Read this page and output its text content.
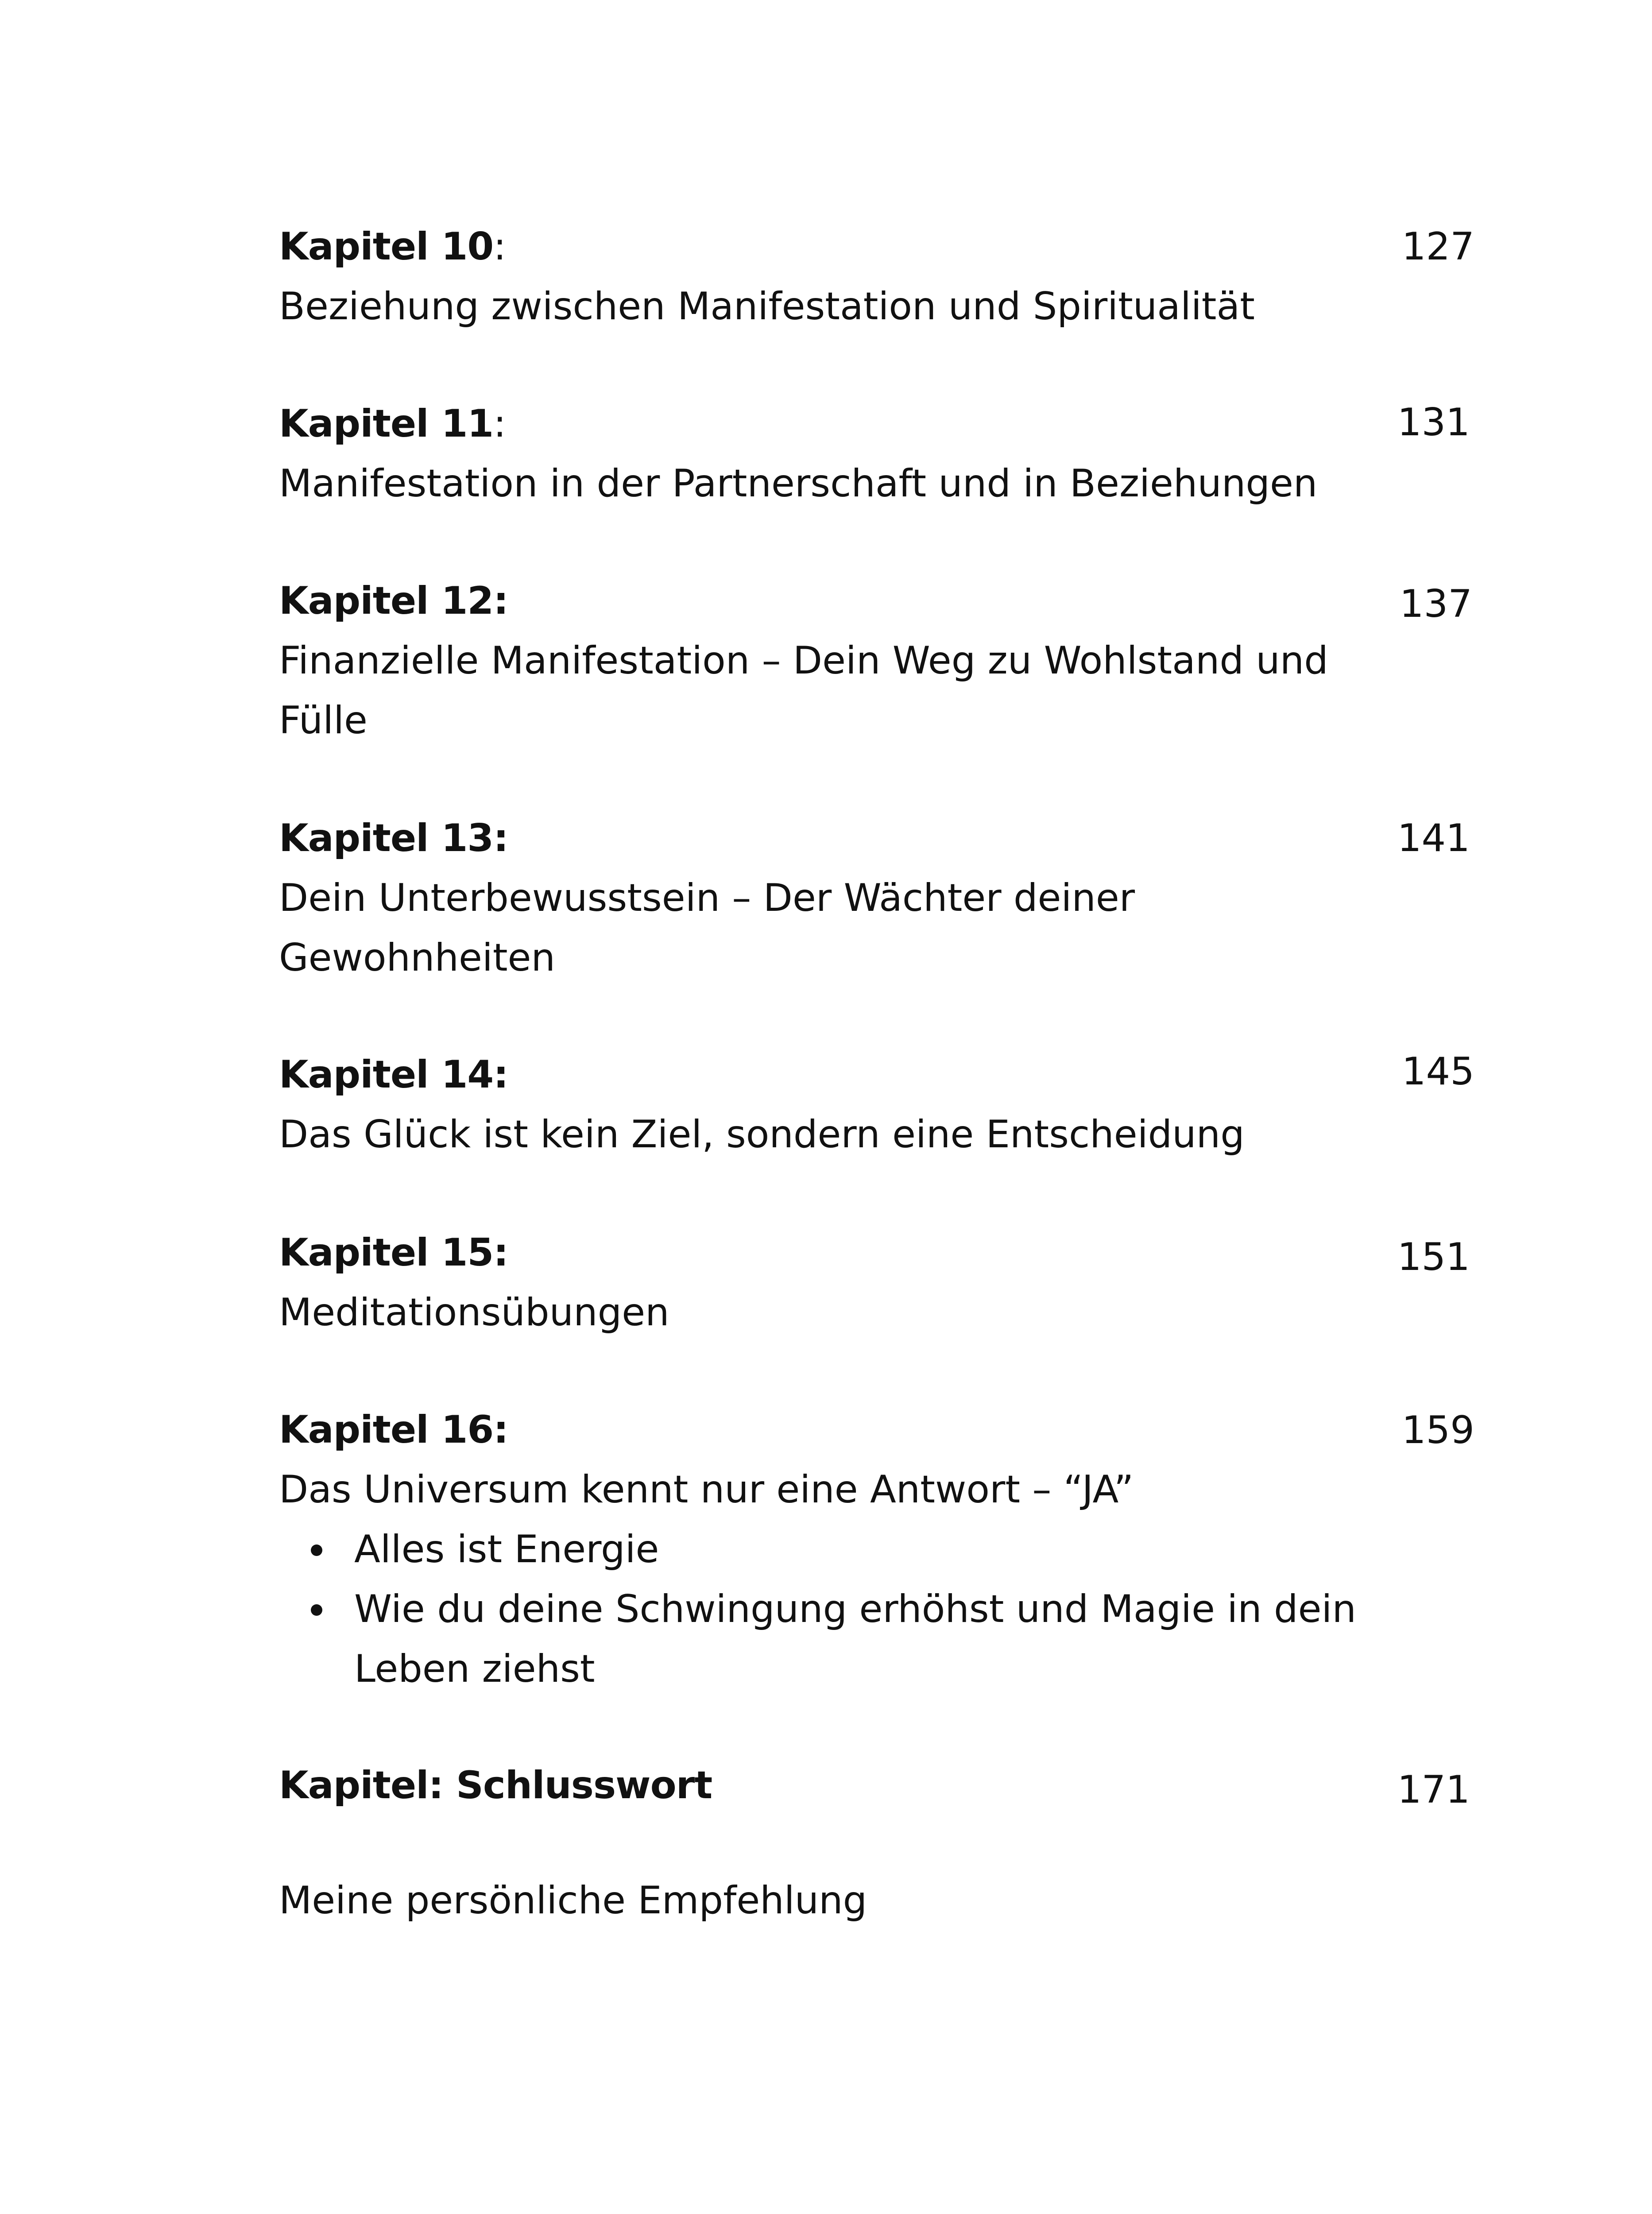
Kapitel 10:
Beziehung zwischen Manifestation und Spiritualität
127
Kapitel 11:
Manifestation in der Partnerschaft und in Beziehungen
131
Kapitel 12:
Finanzielle Manifestation – Dein Weg zu Wohlstand und
Fülle
137
Kapitel 13:
Dein Unterbewusstsein – Der Wächter deiner
Gewohnheiten
141
Kapitel 14:
Das Glück ist kein Ziel, sondern eine Entscheidung
145
Kapitel 15:
Meditationsübungen
151
Kapitel 16:
Das Universum kennt nur eine Antwort – “JA”
Alles ist Energie
Wie du deine Schwingung erhöhst und Magie in dein
Leben ziehst
159
Kapitel: Schlusswort	171
Meine persönliche Empfehlung
